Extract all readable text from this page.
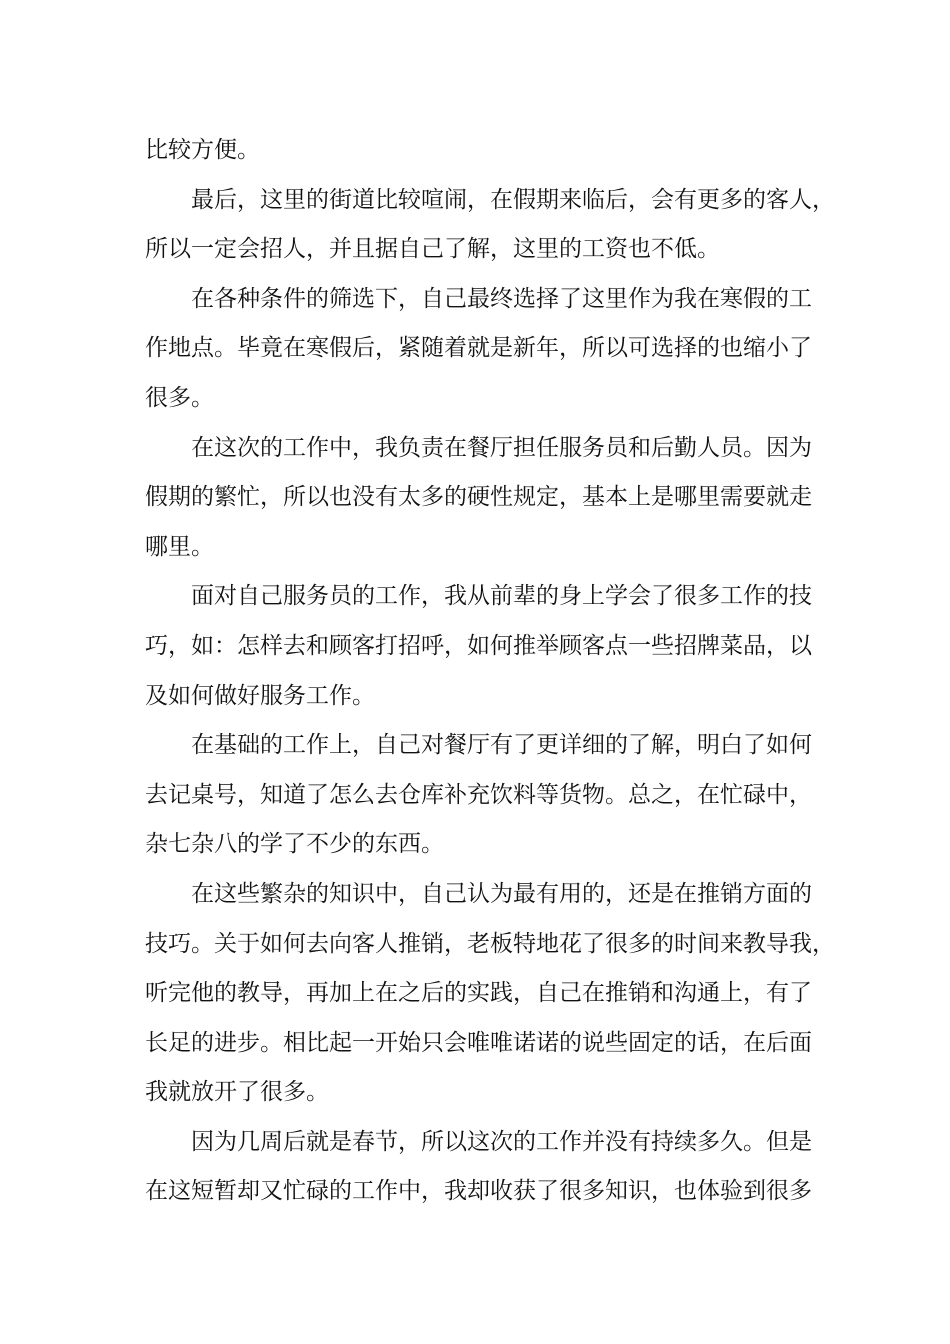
比较方便。
最后，这里的街道比较喧闹，在假期来临后，会有更多的客人，
所以一定会招人，并且据自己了解，这里的工资也不低。
在各种条件的筛选下，自己最终选择了这里作为我在寒假的工
作地点。毕竟在寒假后，紧随着就是新年，所以可选择的也缩小了
很多。
在这次的工作中，我负责在餐厅担任服务员和后勤人员。因为
假期的繁忙，所以也没有太多的硬性规定，基本上是哪里需要就走
哪里。
面对自己服务员的工作，我从前辈的身上学会了很多工作的技
巧，如：怎样去和顾客打招呼，如何推举顾客点一些招牌菜品，以
及如何做好服务工作。
在基础的工作上，自己对餐厅有了更详细的了解，明白了如何
去记桌号，知道了怎么去仓库补充饮料等货物。总之，在忙碌中，
杂七杂八的学了不少的东西。
在这些繁杂的知识中，自己认为最有用的，还是在推销方面的
技巧。关于如何去向客人推销，老板特地花了很多的时间来教导我，
听完他的教导，再加上在之后的实践，自己在推销和沟通上，有了
长足的进步。相比起一开始只会唯唯诺诺的说些固定的话，在后面
我就放开了很多。
因为几周后就是春节，所以这次的工作并没有持续多久。但是
在这短暂却又忙碌的工作中，我却收获了很多知识，也体验到很多
